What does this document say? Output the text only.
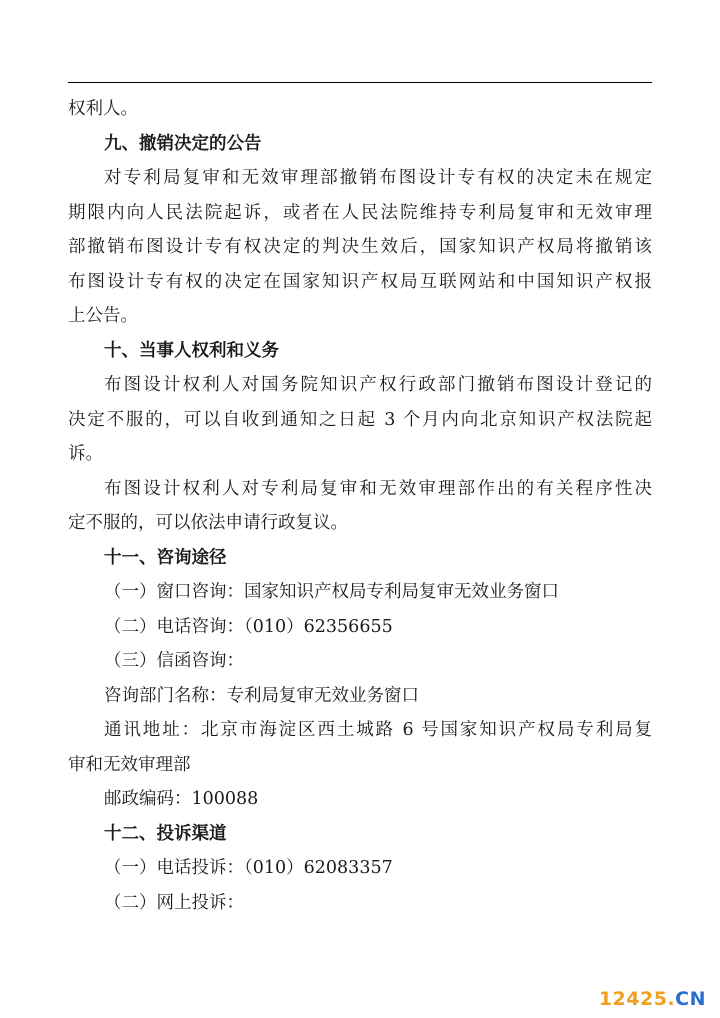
权利人。
九、撤销决定的公告
对专利局复审和无效审理部撤销布图设计专有权的决定未在规定
期限内向人民法院起诉，或者在人民法院维持专利局复审和无效审理
部撤销布图设计专有权决定的判决生效后，国家知识产权局将撤销该
布图设计专有权的决定在国家知识产权局互联网站和中国知识产权报
上公告。
十、当事人权利和义务
布图设计权利人对国务院知识产权行政部门撤销布图设计登记的
决定不服的，可以自收到通知之日起 3 个月内向北京知识产权法院起
诉。
布图设计权利人对专利局复审和无效审理部作出的有关程序性决
定不服的，可以依法申请行政复议。
十一、咨询途径
（一）窗口咨询：国家知识产权局专利局复审无效业务窗口
（二）电话咨询：（010）62356655
（三）信函咨询：
咨询部门名称：专利局复审无效业务窗口
通讯地址：北京市海淀区西土城路 6 号国家知识产权局专利局复
审和无效审理部
邮政编码：100088
十二、投诉渠道
（一）电话投诉：（010）62083357
（二）网上投诉：
12425.CN
